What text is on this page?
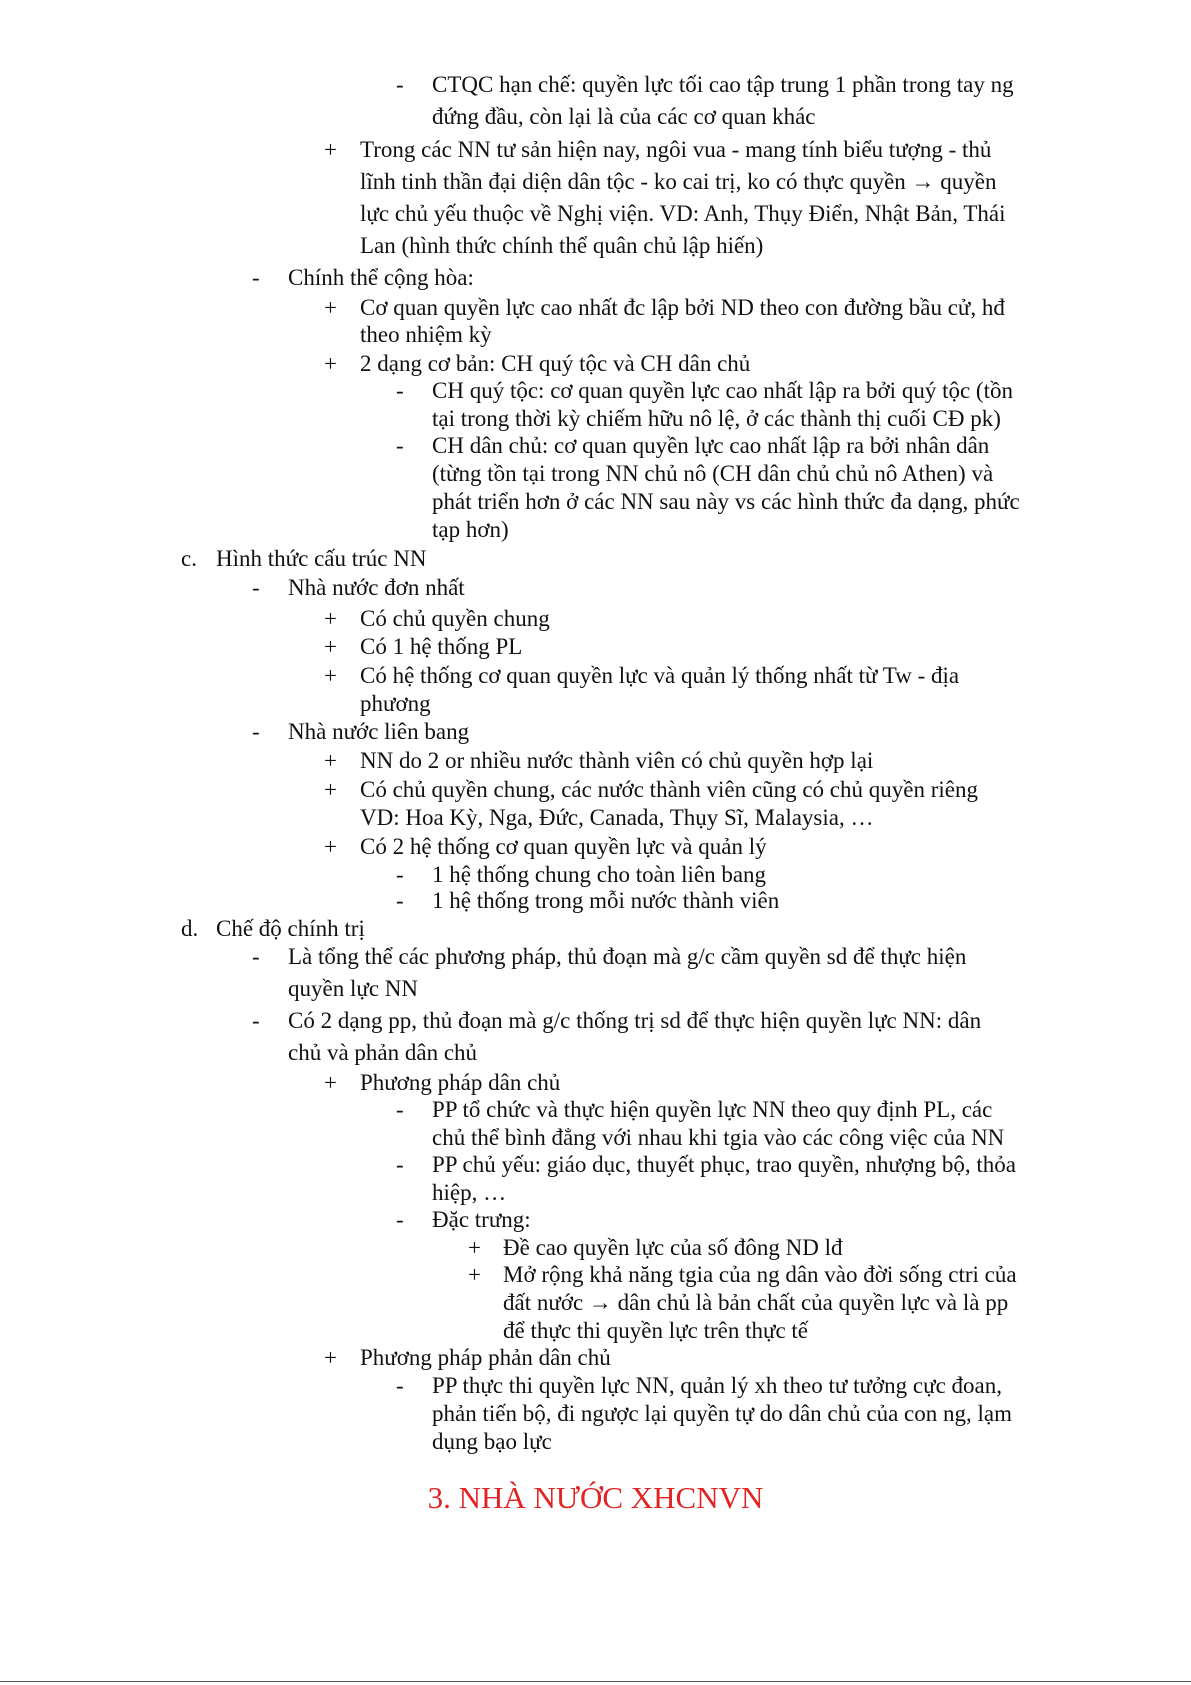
- CTQC hạn chế: quyền lực tối cao tập trung 1 phần trong tay ng
đứng đầu, còn lại là của các cơ quan khác
+ Trong các NN tư sản hiện nay, ngôi vua - mang tính biểu tượng - thủ
lĩnh tinh thần đại diện dân tộc - ko cai trị, ko có thực quyền → quyền
lực chủ yếu thuộc về Nghị viện. VD: Anh, Thụy Điển, Nhật Bản, Thái
Lan (hình thức chính thể quân chủ lập hiến)
- Chính thể cộng hòa:
+ Cơ quan quyền lực cao nhất đc lập bởi ND theo con đường bầu cử, hđ
theo nhiệm kỳ
+ 2 dạng cơ bản: CH quý tộc và CH dân chủ
- CH quý tộc: cơ quan quyền lực cao nhất lập ra bởi quý tộc (tồn
tại trong thời kỳ chiếm hữu nô lệ, ở các thành thị cuối CĐ pk)
- CH dân chủ: cơ quan quyền lực cao nhất lập ra bởi nhân dân
(từng tồn tại trong NN chủ nô (CH dân chủ chủ nô Athen) và
phát triển hơn ở các NN sau này vs các hình thức đa dạng, phức
tạp hơn)
c. Hình thức cấu trúc NN
- Nhà nước đơn nhất
+ Có chủ quyền chung
+ Có 1 hệ thống PL
+ Có hệ thống cơ quan quyền lực và quản lý thống nhất từ Tw - địa
phương
- Nhà nước liên bang
+ NN do 2 or nhiều nước thành viên có chủ quyền hợp lại
+ Có chủ quyền chung, các nước thành viên cũng có chủ quyền riêng
VD: Hoa Kỳ, Nga, Đức, Canada, Thụy Sĩ, Malaysia, …
+ Có 2 hệ thống cơ quan quyền lực và quản lý
- 1 hệ thống chung cho toàn liên bang
- 1 hệ thống trong mỗi nước thành viên
d. Chế độ chính trị
- Là tổng thể các phương pháp, thủ đoạn mà g/c cầm quyền sd để thực hiện
quyền lực NN
- Có 2 dạng pp, thủ đoạn mà g/c thống trị sd để thực hiện quyền lực NN: dân
chủ và phản dân chủ
+ Phương pháp dân chủ
- PP tổ chức và thực hiện quyền lực NN theo quy định PL, các
chủ thể bình đẳng với nhau khi tgia vào các công việc của NN
- PP chủ yếu: giáo dục, thuyết phục, trao quyền, nhượng bộ, thỏa
hiệp, …
- Đặc trưng:
+ Đề cao quyền lực của số đông ND lđ
+ Mở rộng khả năng tgia của ng dân vào đời sống ctri của
đất nước → dân chủ là bản chất của quyền lực và là pp
để thực thi quyền lực trên thực tế
+ Phương pháp phản dân chủ
- PP thực thi quyền lực NN, quản lý xh theo tư tưởng cực đoan,
phản tiến bộ, đi ngược lại quyền tự do dân chủ của con ng, lạm
dụng bạo lực
3. NHÀ NƯỚC XHCNVN
